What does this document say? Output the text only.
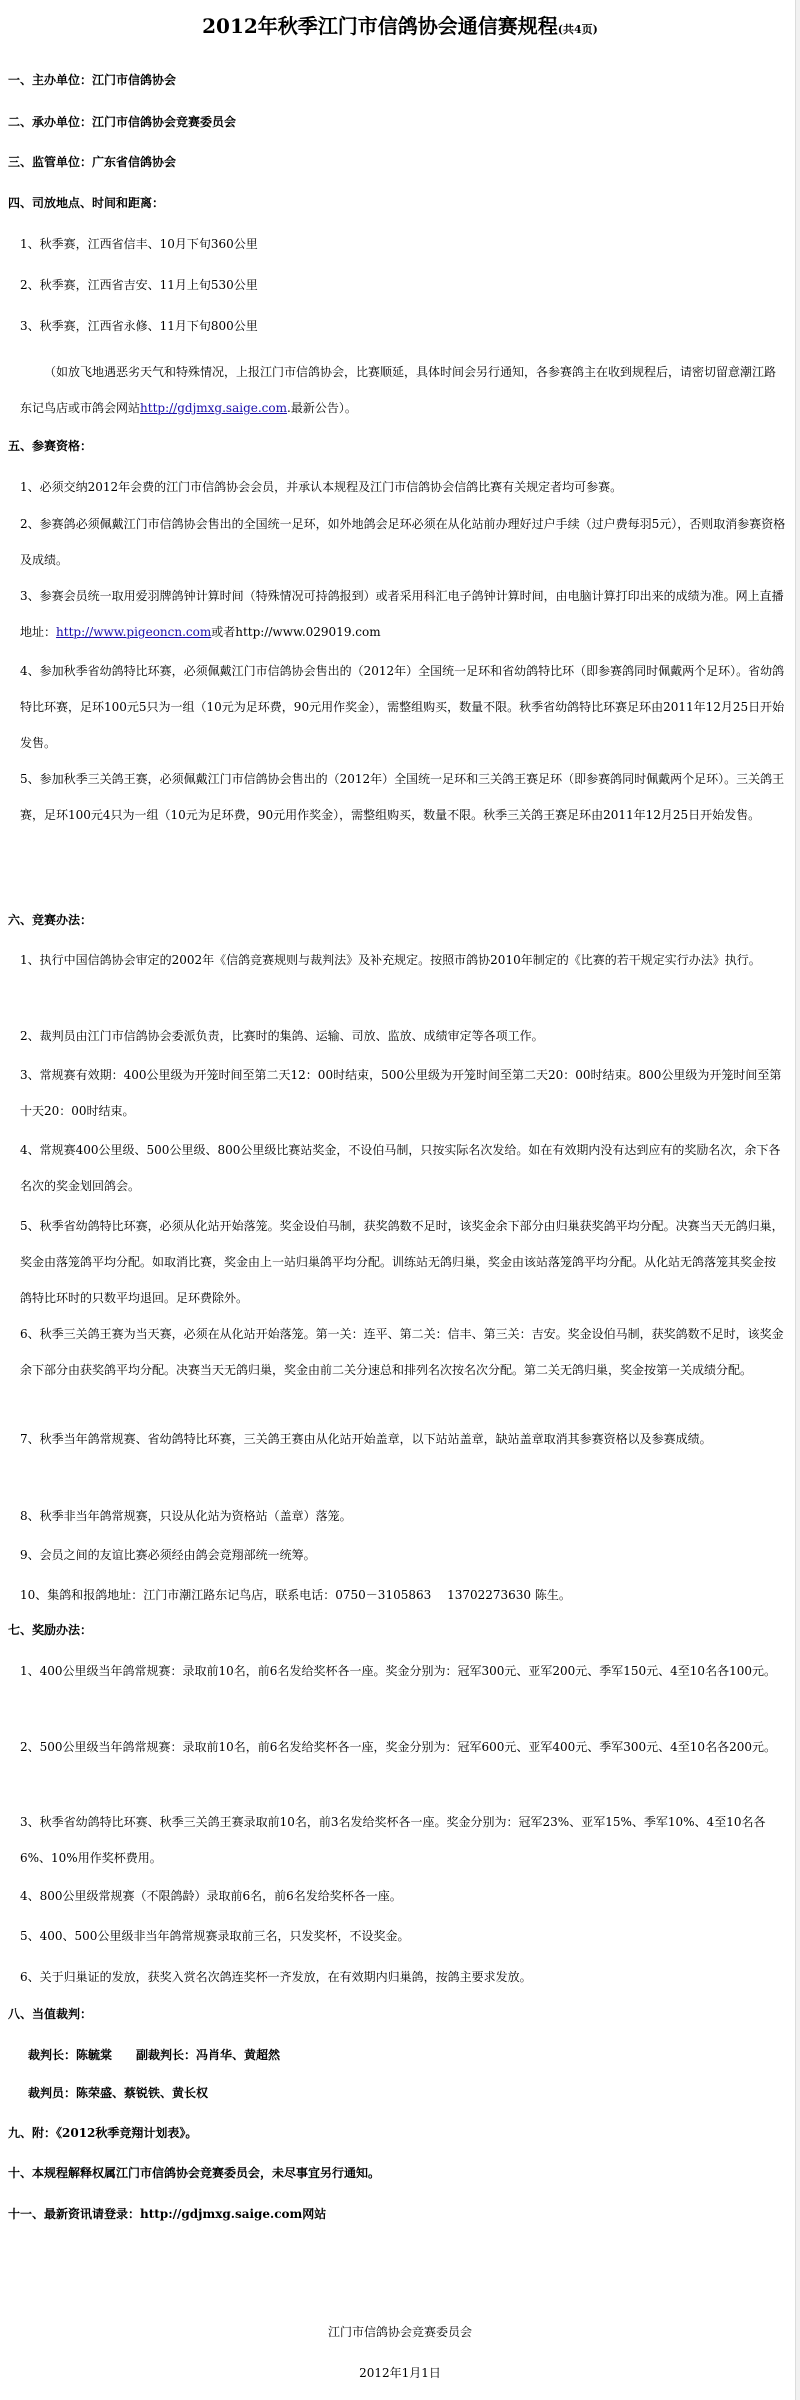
2012年秋季江门市信鸽协会通信赛规程(共4页)
一、主办单位：江门市信鸽协会
二、承办单位：江门市信鸽协会竞赛委员会
三、监管单位：广东省信鸽协会
四、司放地点、时间和距离：
1、秋季赛，江西省信丰、10月下旬360公里
2、秋季赛，江西省吉安、11月上旬530公里
3、秋季赛，江西省永修、11月下旬800公里
（如放飞地遇恶劣天气和特殊情况，上报江门市信鸽协会，比赛顺延，具体时间会另行通知，各参赛鸽主在收到规程后，请密切留意潮江路东记鸟店或市鸽会网站http://gdjmxg.saige.com.最新公告）。
五、参赛资格：
1、必须交纳2012年会费的江门市信鸽协会会员，并承认本规程及江门市信鸽协会信鸽比赛有关规定者均可参赛。
2、参赛鸽必须佩戴江门市信鸽协会售出的全国统一足环，如外地鸽会足环必须在从化站前办理好过户手续（过户费每羽5元），否则取消参赛资格及成绩。
3、参赛会员统一取用爱羽牌鸽钟计算时间（特殊情况可持鸽报到）或者采用科汇电子鸽钟计算时间，由电脑计算打印出来的成绩为准。网上直播地址：http://www.pigeoncn.com或者http://www.029019.com
4、参加秋季省幼鸽特比环赛，必须佩戴江门市信鸽协会售出的（2012年）全国统一足环和省幼鸽特比环（即参赛鸽同时佩戴两个足环）。省幼鸽特比环赛，足环100元5只为一组（10元为足环费，90元用作奖金），需整组购买，数量不限。秋季省幼鸽特比环赛足环由2011年12月25日开始发售。
5、参加秋季三关鸽王赛，必须佩戴江门市信鸽协会售出的（2012年）全国统一足环和三关鸽王赛足环（即参赛鸽同时佩戴两个足环）。三关鸽王赛，足环100元4只为一组（10元为足环费，90元用作奖金），需整组购买，数量不限。秋季三关鸽王赛足环由2011年12月25日开始发售。
六、竞赛办法：
1、执行中国信鸽协会审定的2002年《信鸽竞赛规则与裁判法》及补充规定。按照市鸽协2010年制定的《比赛的若干规定实行办法》执行。
2、裁判员由江门市信鸽协会委派负责，比赛时的集鸽、运输、司放、监放、成绩审定等各项工作。
3、常规赛有效期：400公里级为开笼时间至第二天12：00时结束，500公里级为开笼时间至第二天20：00时结束。800公里级为开笼时间至第十天20：00时结束。
4、常规赛400公里级、500公里级、800公里级比赛站奖金，不设伯马制，只按实际名次发给。如在有效期内没有达到应有的奖励名次，余下各名次的奖金划回鸽会。
5、秋季省幼鸽特比环赛，必须从化站开始落笼。奖金设伯马制，获奖鸽数不足时，该奖金余下部分由归巢获奖鸽平均分配。决赛当天无鸽归巢，奖金由落笼鸽平均分配。如取消比赛，奖金由上一站归巢鸽平均分配。训练站无鸽归巢，奖金由该站落笼鸽平均分配。从化站无鸽落笼其奖金按鸽特比环时的只数平均退回。足环费除外。
6、秋季三关鸽王赛为当天赛，必须在从化站开始落笼。第一关：连平、第二关：信丰、第三关：吉安。奖金设伯马制，获奖鸽数不足时，该奖金余下部分由获奖鸽平均分配。决赛当天无鸽归巢，奖金由前二关分速总和排列名次按名次分配。第二关无鸽归巢，奖金按第一关成绩分配。
7、秋季当年鸽常规赛、省幼鸽特比环赛，三关鸽王赛由从化站开始盖章，以下站站盖章，缺站盖章取消其参赛资格以及参赛成绩。
8、秋季非当年鸽常规赛，只设从化站为资格站（盖章）落笼。
9、会员之间的友谊比赛必须经由鸽会竞翔部统一统筹。
10、集鸽和报鸽地址：江门市潮江路东记鸟店，联系电话：0750－3105863　 13702273630 陈生。
七、奖励办法：
1、400公里级当年鸽常规赛：录取前10名，前6名发给奖杯各一座。奖金分别为：冠军300元、亚军200元、季军150元、4至10名各100元。
2、500公里级当年鸽常规赛：录取前10名，前6名发给奖杯各一座，奖金分别为：冠军600元、亚军400元、季军300元、4至10名各200元。
3、秋季省幼鸽特比环赛、秋季三关鸽王赛录取前10名，前3名发给奖杯各一座。奖金分别为：冠军23%、亚军15%、季军10%、4至10名各6%、10%用作奖杯费用。
4、800公里级常规赛（不限鸽龄）录取前6名，前6名发给奖杯各一座。
5、400、500公里级非当年鸽常规赛录取前三名，只发奖杯，不设奖金。
6、关于归巢证的发放，获奖入赏名次鸽连奖杯一齐发放，在有效期内归巢鸽，按鸽主要求发放。
八、当值裁判：
裁判长：陈毓棠　　副裁判长：冯肖华、黄超然
裁判员：陈荣盛、蔡锐铁、黄长权
九、附：《2012秋季竞翔计划表》。
十、本规程解释权属江门市信鸽协会竞赛委员会，未尽事宜另行通知。
十一、最新资讯请登录：http://gdjmxg.saige.com网站
江门市信鸽协会竞赛委员会
2012年1月1日
